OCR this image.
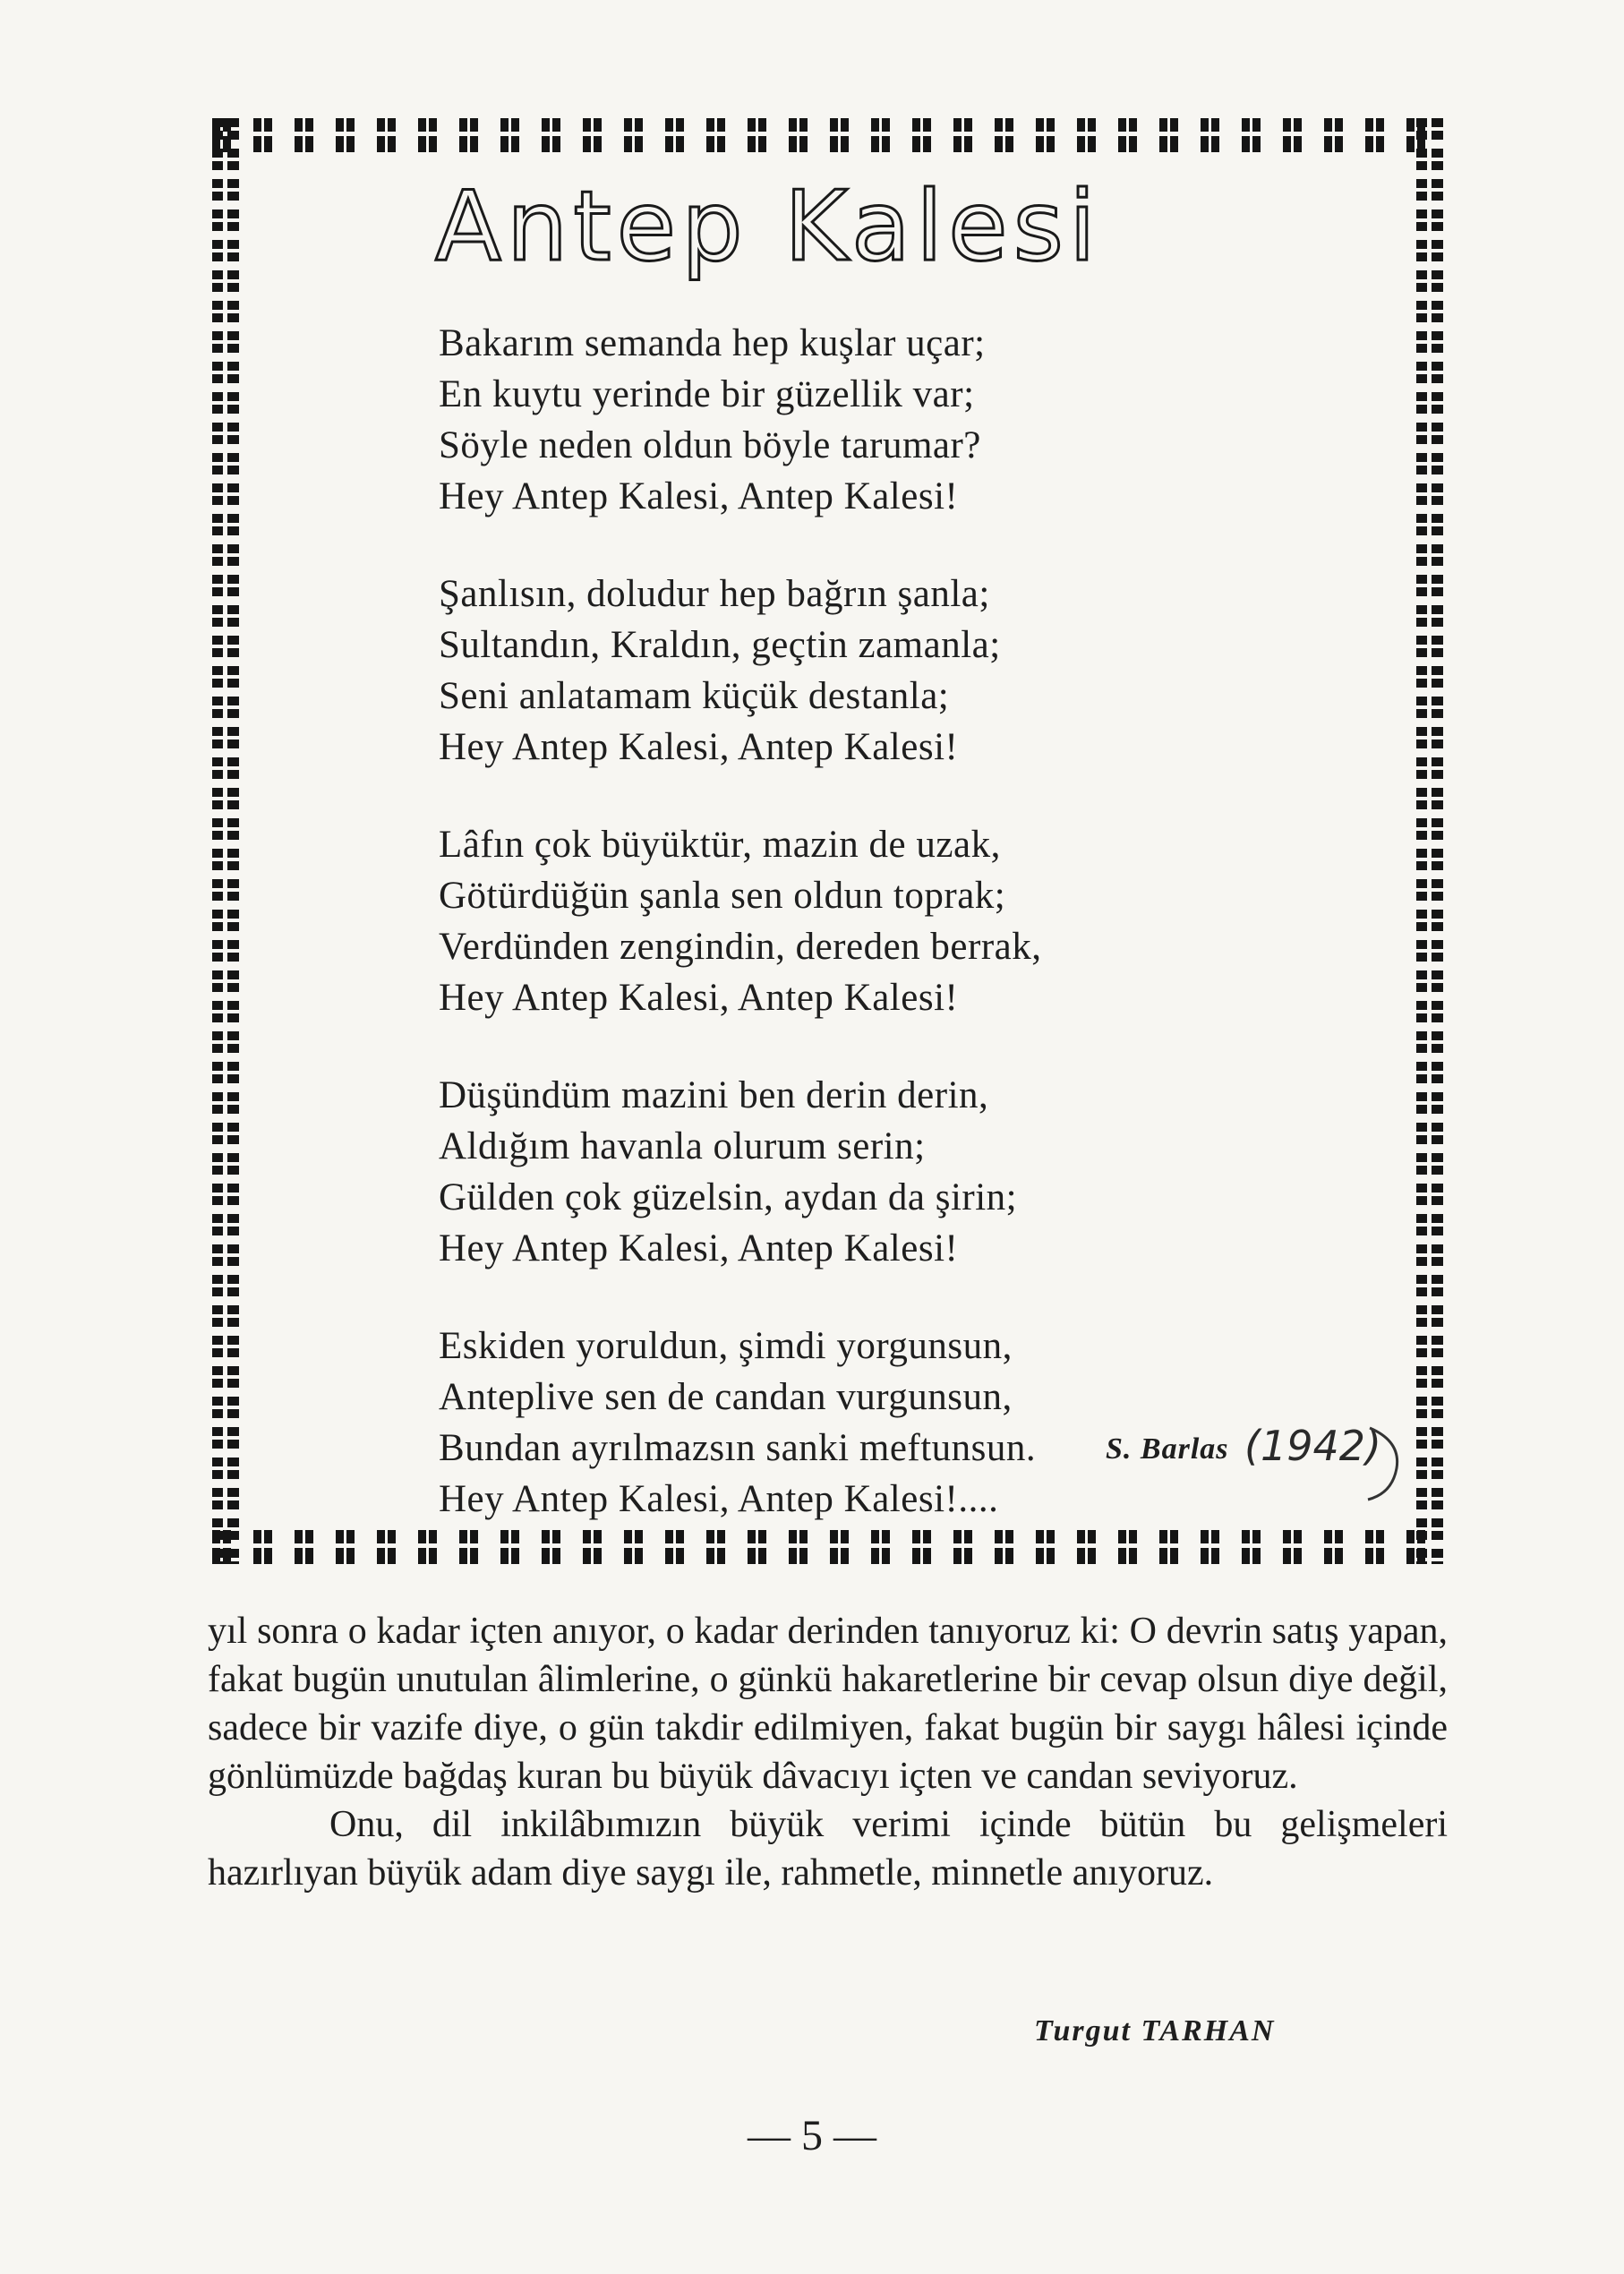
Antep Kalesi
Bakarım semanda hep kuşlar uçar;
En kuytu yerinde bir güzellik var;
Söyle neden oldun böyle tarumar?
Hey Antep Kalesi, Antep Kalesi!
Şanlısın, doludur hep bağrın şanla;
Sultandın, Kraldın, geçtin zamanla;
Seni anlatamam küçük destanla;
Hey Antep Kalesi, Antep Kalesi!
Lâfın çok büyüktür, mazin de uzak,
Götürdüğün şanla sen oldun toprak;
Verdünden zengindin, dereden berrak,
Hey Antep Kalesi, Antep Kalesi!
Düşündüm mazini ben derin derin,
Aldığım havanla olurum serin;
Gülden çok güzelsin, aydan da şirin;
Hey Antep Kalesi, Antep Kalesi!
Eskiden yoruldun, şimdi yorgunsun,
Anteplive sen de candan vurgunsun,
Bundan ayrılmazsın sanki meftunsun.
Hey Antep Kalesi, Antep Kalesi!....
S. Barlas (1942)

yıl sonra o kadar içten anıyor, o kadar derinden tanıyoruz ki: O devrin satış yapan, fakat bugün unutulan âlimlerine, o günkü hakaretlerine bir cevap olsun diye değil, sadece bir vazife diye, o gün takdir edilmiyen, fakat bugün bir saygı hâlesi içinde gönlümüzde bağdaş kuran bu büyük dâvacıyı içten ve candan seviyoruz.

Onu, dil inkilâbımızın büyük verimi içinde bütün bu gelişmeleri hazırlıyan büyük adam diye saygı ile, rahmetle, minnetle anıyoruz.

Turgut TARHAN
— 5 —
